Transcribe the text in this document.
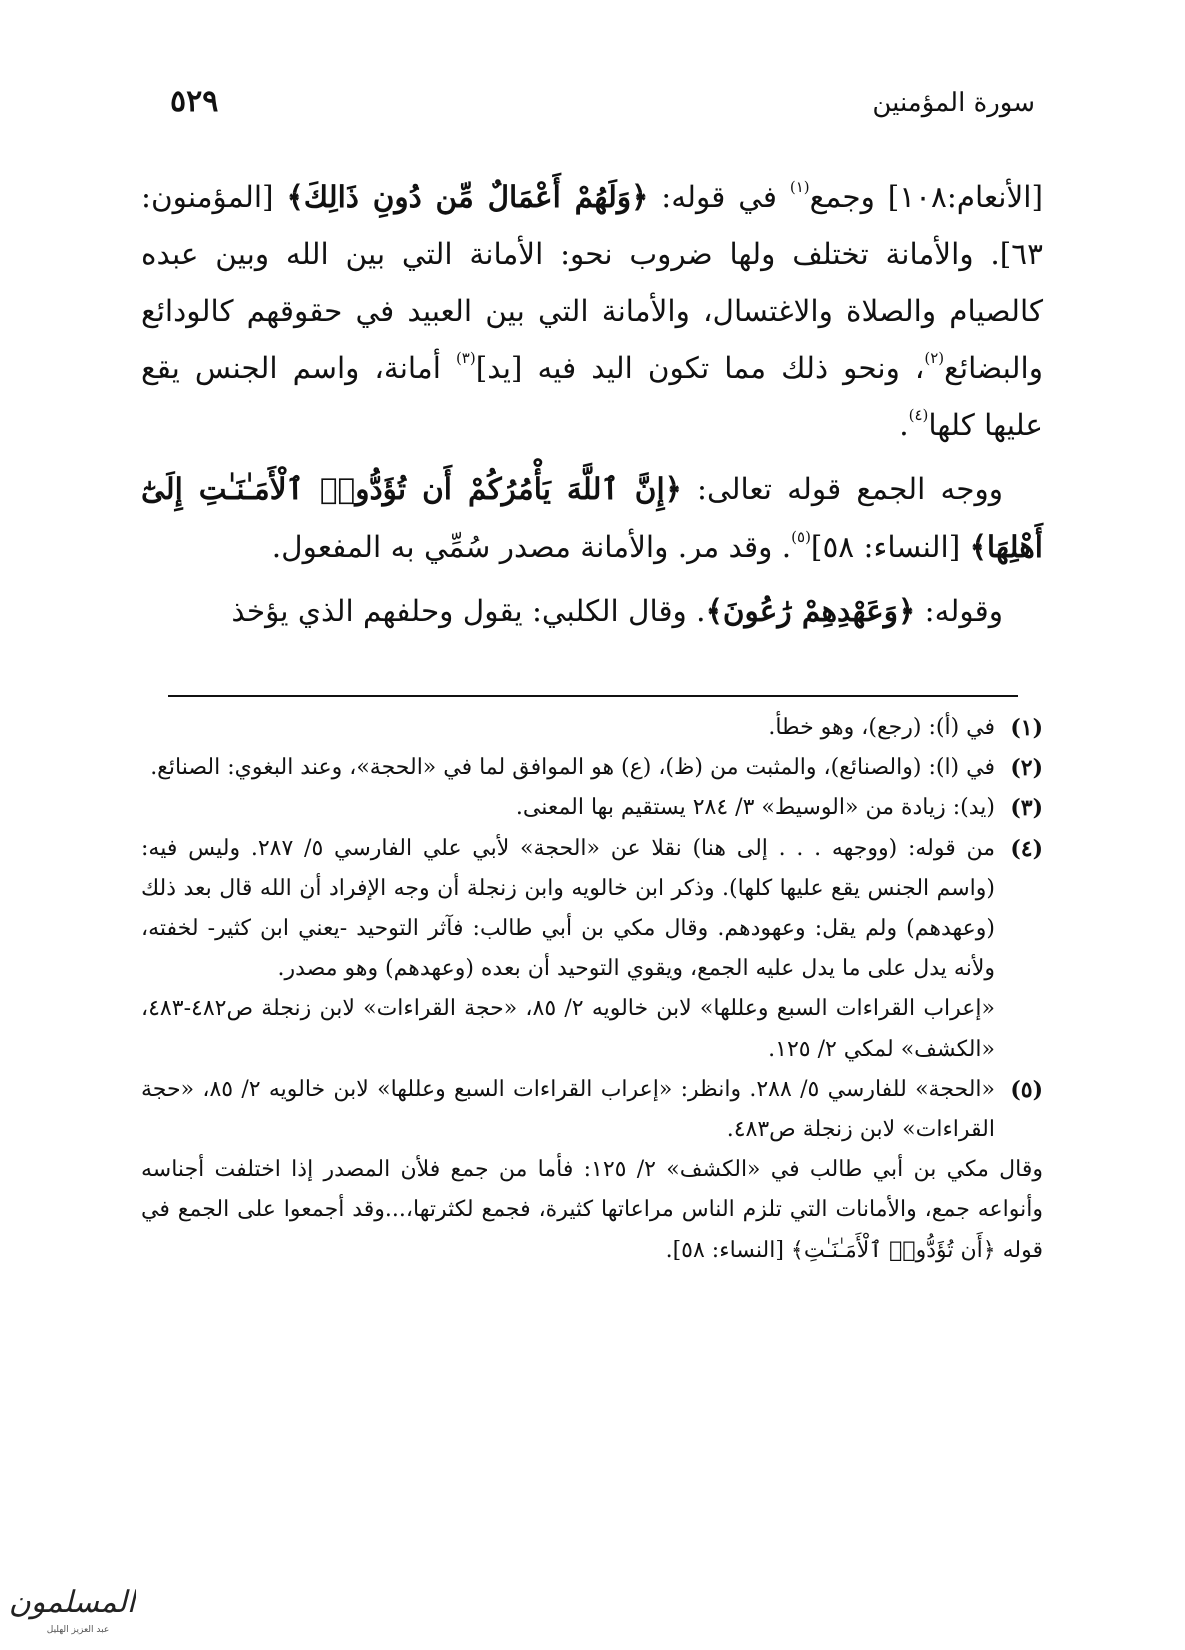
سورة المؤمنين
٥٢٩

[الأنعام:١٠٨] وجمع$^{(١)}$ في قوله: ﴿وَلَهُمْ أَعْمَالٌ مِّن دُونِ ذَالِكَ﴾ [المؤمنون: ٦٣]. والأمانة تختلف ولها ضروب نحو: الأمانة التي بين الله وبين عبده كالصيام والصلاة والاغتسال، والأمانة التي بين العبيد في حقوقهم كالودائع والبضائع$^{(٢)}$، ونحو ذلك مما تكون اليد فيه [يد]$^{(٣)}$ أمانة، واسم الجنس يقع عليها كلها$^{(٤)}$.

ووجه الجمع قوله تعالى: ﴿إِنَّ ٱللَّهَ يَأْمُرُكُمْ أَن تُؤَدُّوا۟ ٱلْأَمَـٰنَـٰتِ إِلَىٰٓ أَهْلِهَا﴾ [النساء: ٥٨]$^{(٥)}$. وقد مر. والأمانة مصدر سُمِّي به المفعول.

وقوله: ﴿وَعَهْدِهِمْ رَٰعُونَ﴾. وقال الكلبي: يقول وحلفهم الذي يؤخذ

(١)

في (أ): (رجع)، وهو خطأ.

(٢)

في (ا): (والصنائع)، والمثبت من (ظ)، (ع) هو الموافق لما في «الحجة»، وعند البغوي: الصنائع.

(٣)

(يد): زيادة من «الوسيط» ٣/ ٢٨٤ يستقيم بها المعنى.

(٤)

من قوله: (ووجهه . . . إلى هنا) نقلا عن «الحجة» لأبي علي الفارسي ٥/ ٢٨٧. وليس فيه: (واسم الجنس يقع عليها كلها). وذكر ابن خالويه وابن زنجلة أن وجه الإفراد أن الله قال بعد ذلك (وعهدهم) ولم يقل: وعهودهم. وقال مكي بن أبي طالب: فآثر التوحيد -يعني ابن كثير- لخفته، ولأنه يدل على ما يدل عليه الجمع، ويقوي التوحيد أن بعده (وعهدهم) وهو مصدر.

«إعراب القراءات السبع وعللها» لابن خالويه ٢/ ٨٥، «حجة القراءات» لابن زنجلة ص٤٨٢-٤٨٣، «الكشف» لمكي ٢/ ١٢٥.

(٥)

«الحجة» للفارسي ٥/ ٢٨٨. وانظر: «إعراب القراءات السبع وعللها» لابن خالويه ٢/ ٨٥، «حجة القراءات» لابن زنجلة ص٤٨٣.

وقال مكي بن أبي طالب في «الكشف» ٢/ ١٢٥: فأما من جمع فلأن المصدر إذا اختلفت أجناسه وأنواعه جمع، والأمانات التي تلزم الناس مراعاتها كثيرة، فجمع لكثرتها،...وقد أجمعوا على الجمع في قوله ﴿أَن تُؤَدُّوا۟ ٱلْأَمَـٰنَـٰتِ﴾ [النساء: ٥٨].

المسلمون
عبد العزيز الهليل
